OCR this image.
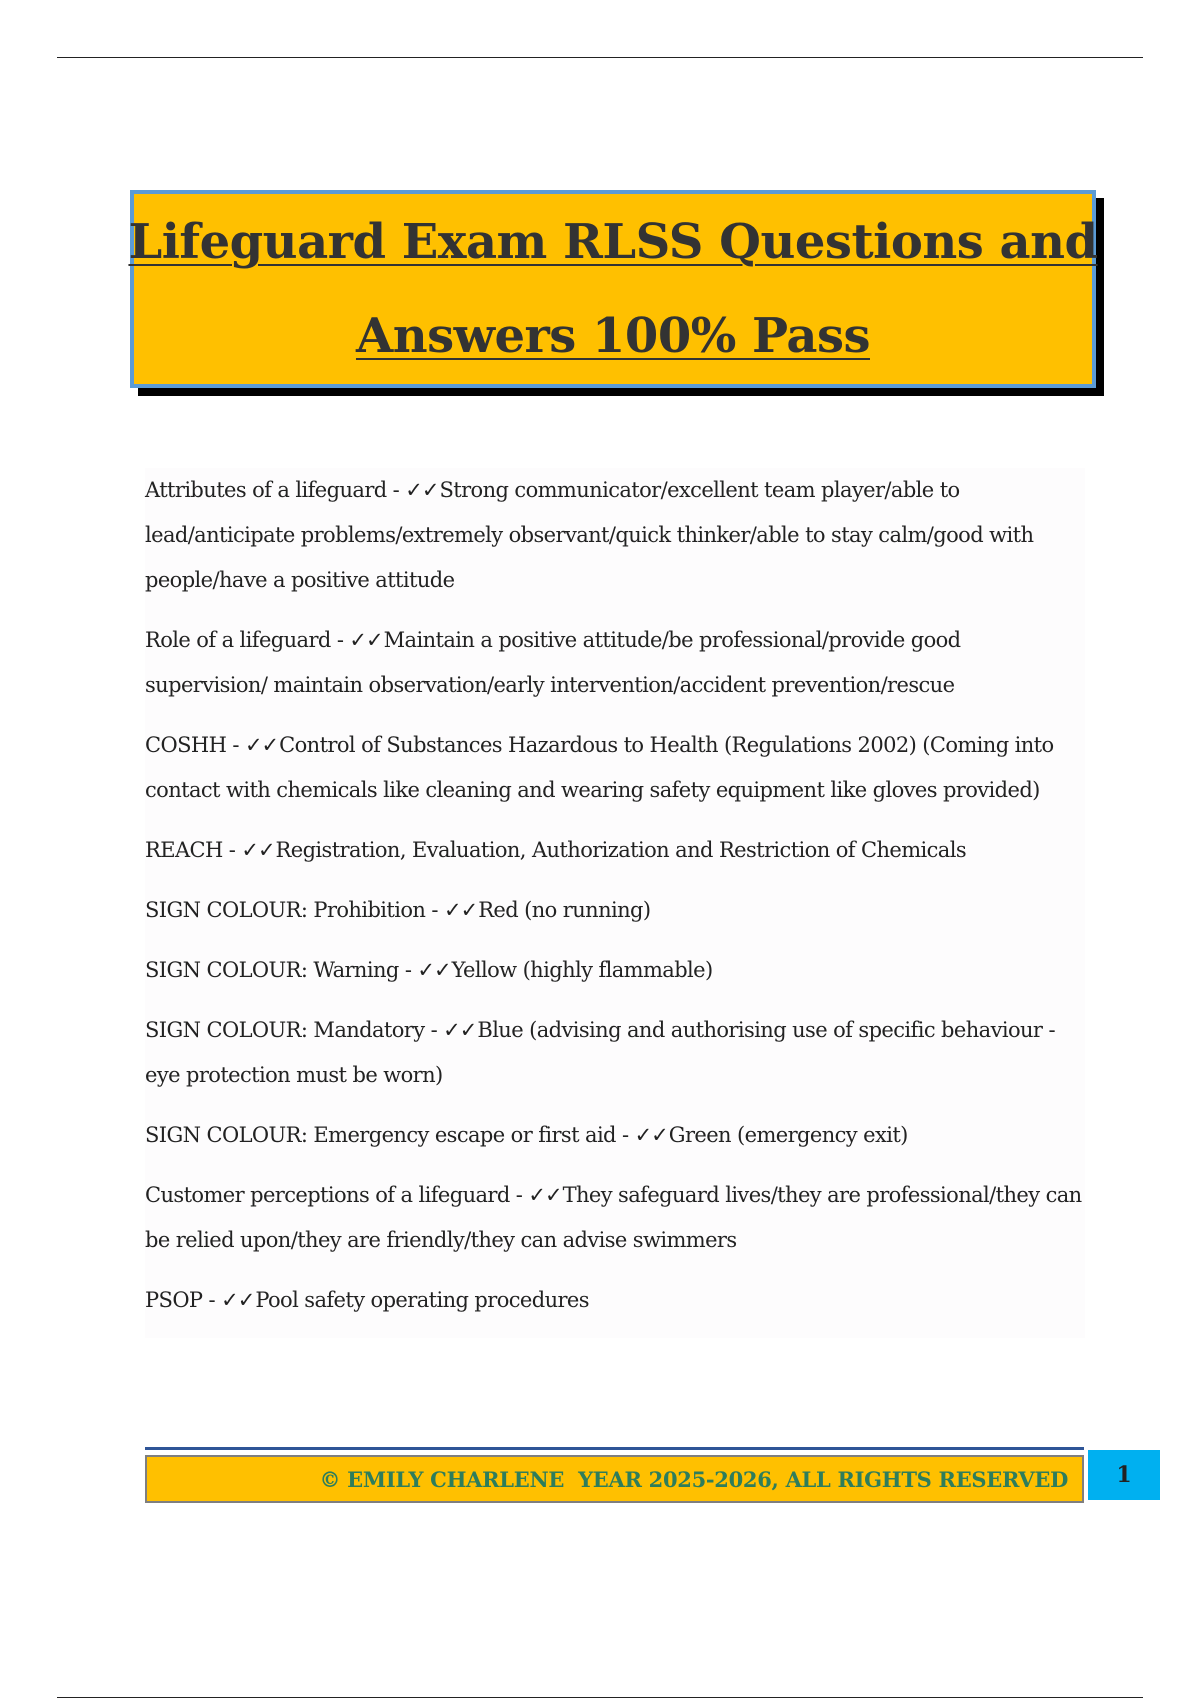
Lifeguard Exam RLSS Questions and
Answers 100% Pass

Attributes of a lifeguard - ✓✓Strong communicator/excellent team player/able to lead/anticipate problems/extremely observant/quick thinker/able to stay calm/good with people/have a positive attitude

Role of a lifeguard - ✓✓Maintain a positive attitude/be professional/provide good supervision/ maintain observation/early intervention/accident prevention/rescue

COSHH - ✓✓Control of Substances Hazardous to Health (Regulations 2002) (Coming into contact with chemicals like cleaning and wearing safety equipment like gloves provided)

REACH - ✓✓Registration, Evaluation, Authorization and Restriction of Chemicals

SIGN COLOUR: Prohibition - ✓✓Red (no running)

SIGN COLOUR: Warning - ✓✓Yellow (highly flammable)

SIGN COLOUR: Mandatory - ✓✓Blue (advising and authorising use of specific behaviour - eye protection must be worn)

SIGN COLOUR: Emergency escape or first aid - ✓✓Green (emergency exit)

Customer perceptions of a lifeguard - ✓✓They safeguard lives/they are professional/they can be relied upon/they are friendly/they can advise swimmers

PSOP - ✓✓Pool safety operating procedures

© EMILY CHARLENE  YEAR 2025-2026, ALL RIGHTS RESERVED 1
